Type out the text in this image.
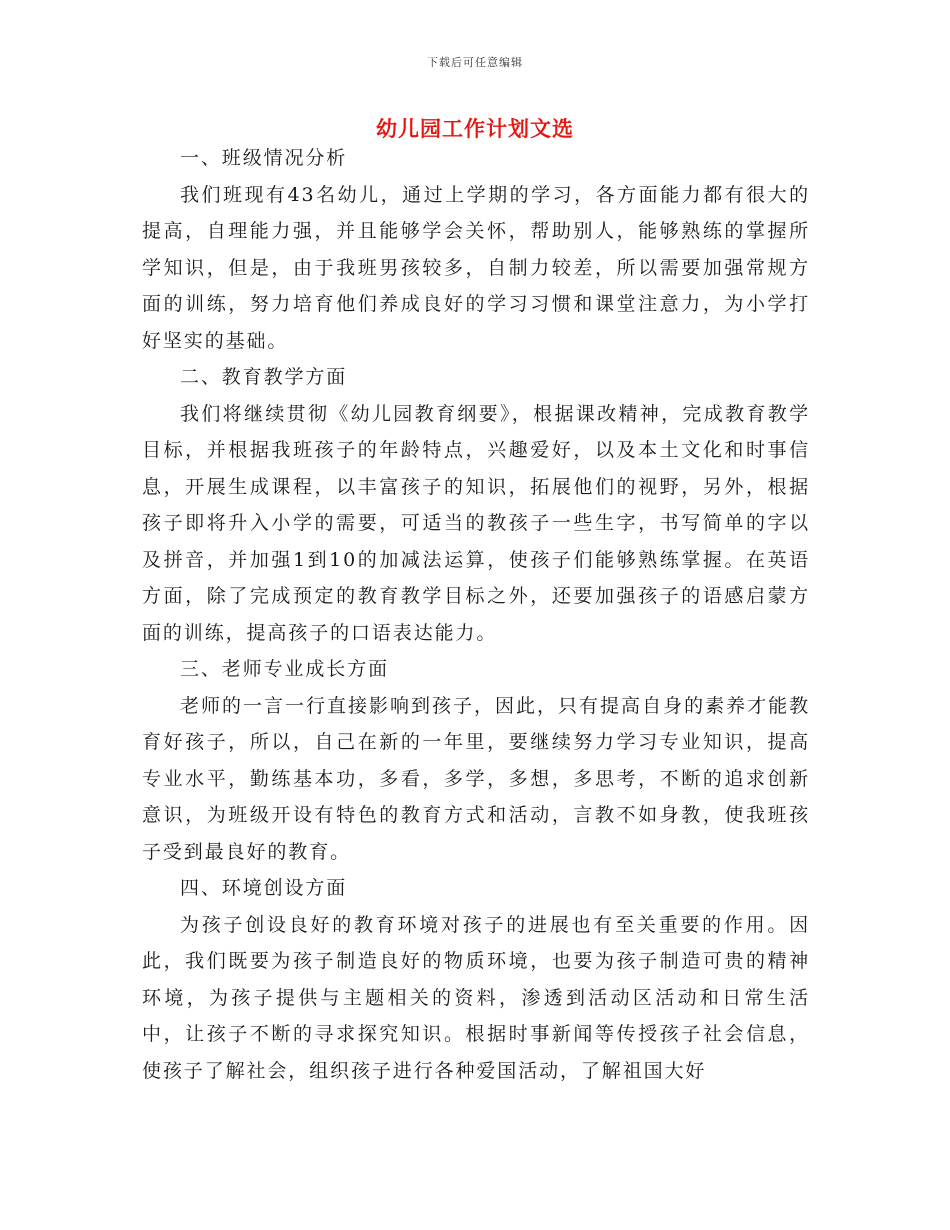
下载后可任意编辑
幼儿园工作计划文选

一、班级情况分析

我们班现有43名幼儿，通过上学期的学习，各方面能力都有很大的提高，自理能力强，并且能够学会关怀，帮助别人，能够熟练的掌握所学知识，但是，由于我班男孩较多，自制力较差，所以需要加强常规方面的训练，努力培育他们养成良好的学习习惯和课堂注意力，为小学打好坚实的基础。

二、教育教学方面

我们将继续贯彻《幼儿园教育纲要》，根据课改精神，完成教育教学目标，并根据我班孩子的年龄特点，兴趣爱好，以及本土文化和时事信息，开展生成课程，以丰富孩子的知识，拓展他们的视野，另外，根据孩子即将升入小学的需要，可适当的教孩子一些生字，书写简单的字以及拼音，并加强1到10的加减法运算，使孩子们能够熟练掌握。在英语方面，除了完成预定的教育教学目标之外，还要加强孩子的语感启蒙方面的训练，提高孩子的口语表达能力。

三、老师专业成长方面

老师的一言一行直接影响到孩子，因此，只有提高自身的素养才能教育好孩子，所以，自己在新的一年里，要继续努力学习专业知识，提高专业水平，勤练基本功，多看，多学，多想，多思考，不断的追求创新意识，为班级开设有特色的教育方式和活动，言教不如身教，使我班孩子受到最良好的教育。

四、环境创设方面

为孩子创设良好的教育环境对孩子的进展也有至关重要的作用。因此，我们既要为孩子制造良好的物质环境，也要为孩子制造可贵的精神环境，为孩子提供与主题相关的资料，渗透到活动区活动和日常生活中，让孩子不断的寻求探究知识。根据时事新闻等传授孩子社会信息，使孩子了解社会，组织孩子进行各种爱国活动，了解祖国大好
